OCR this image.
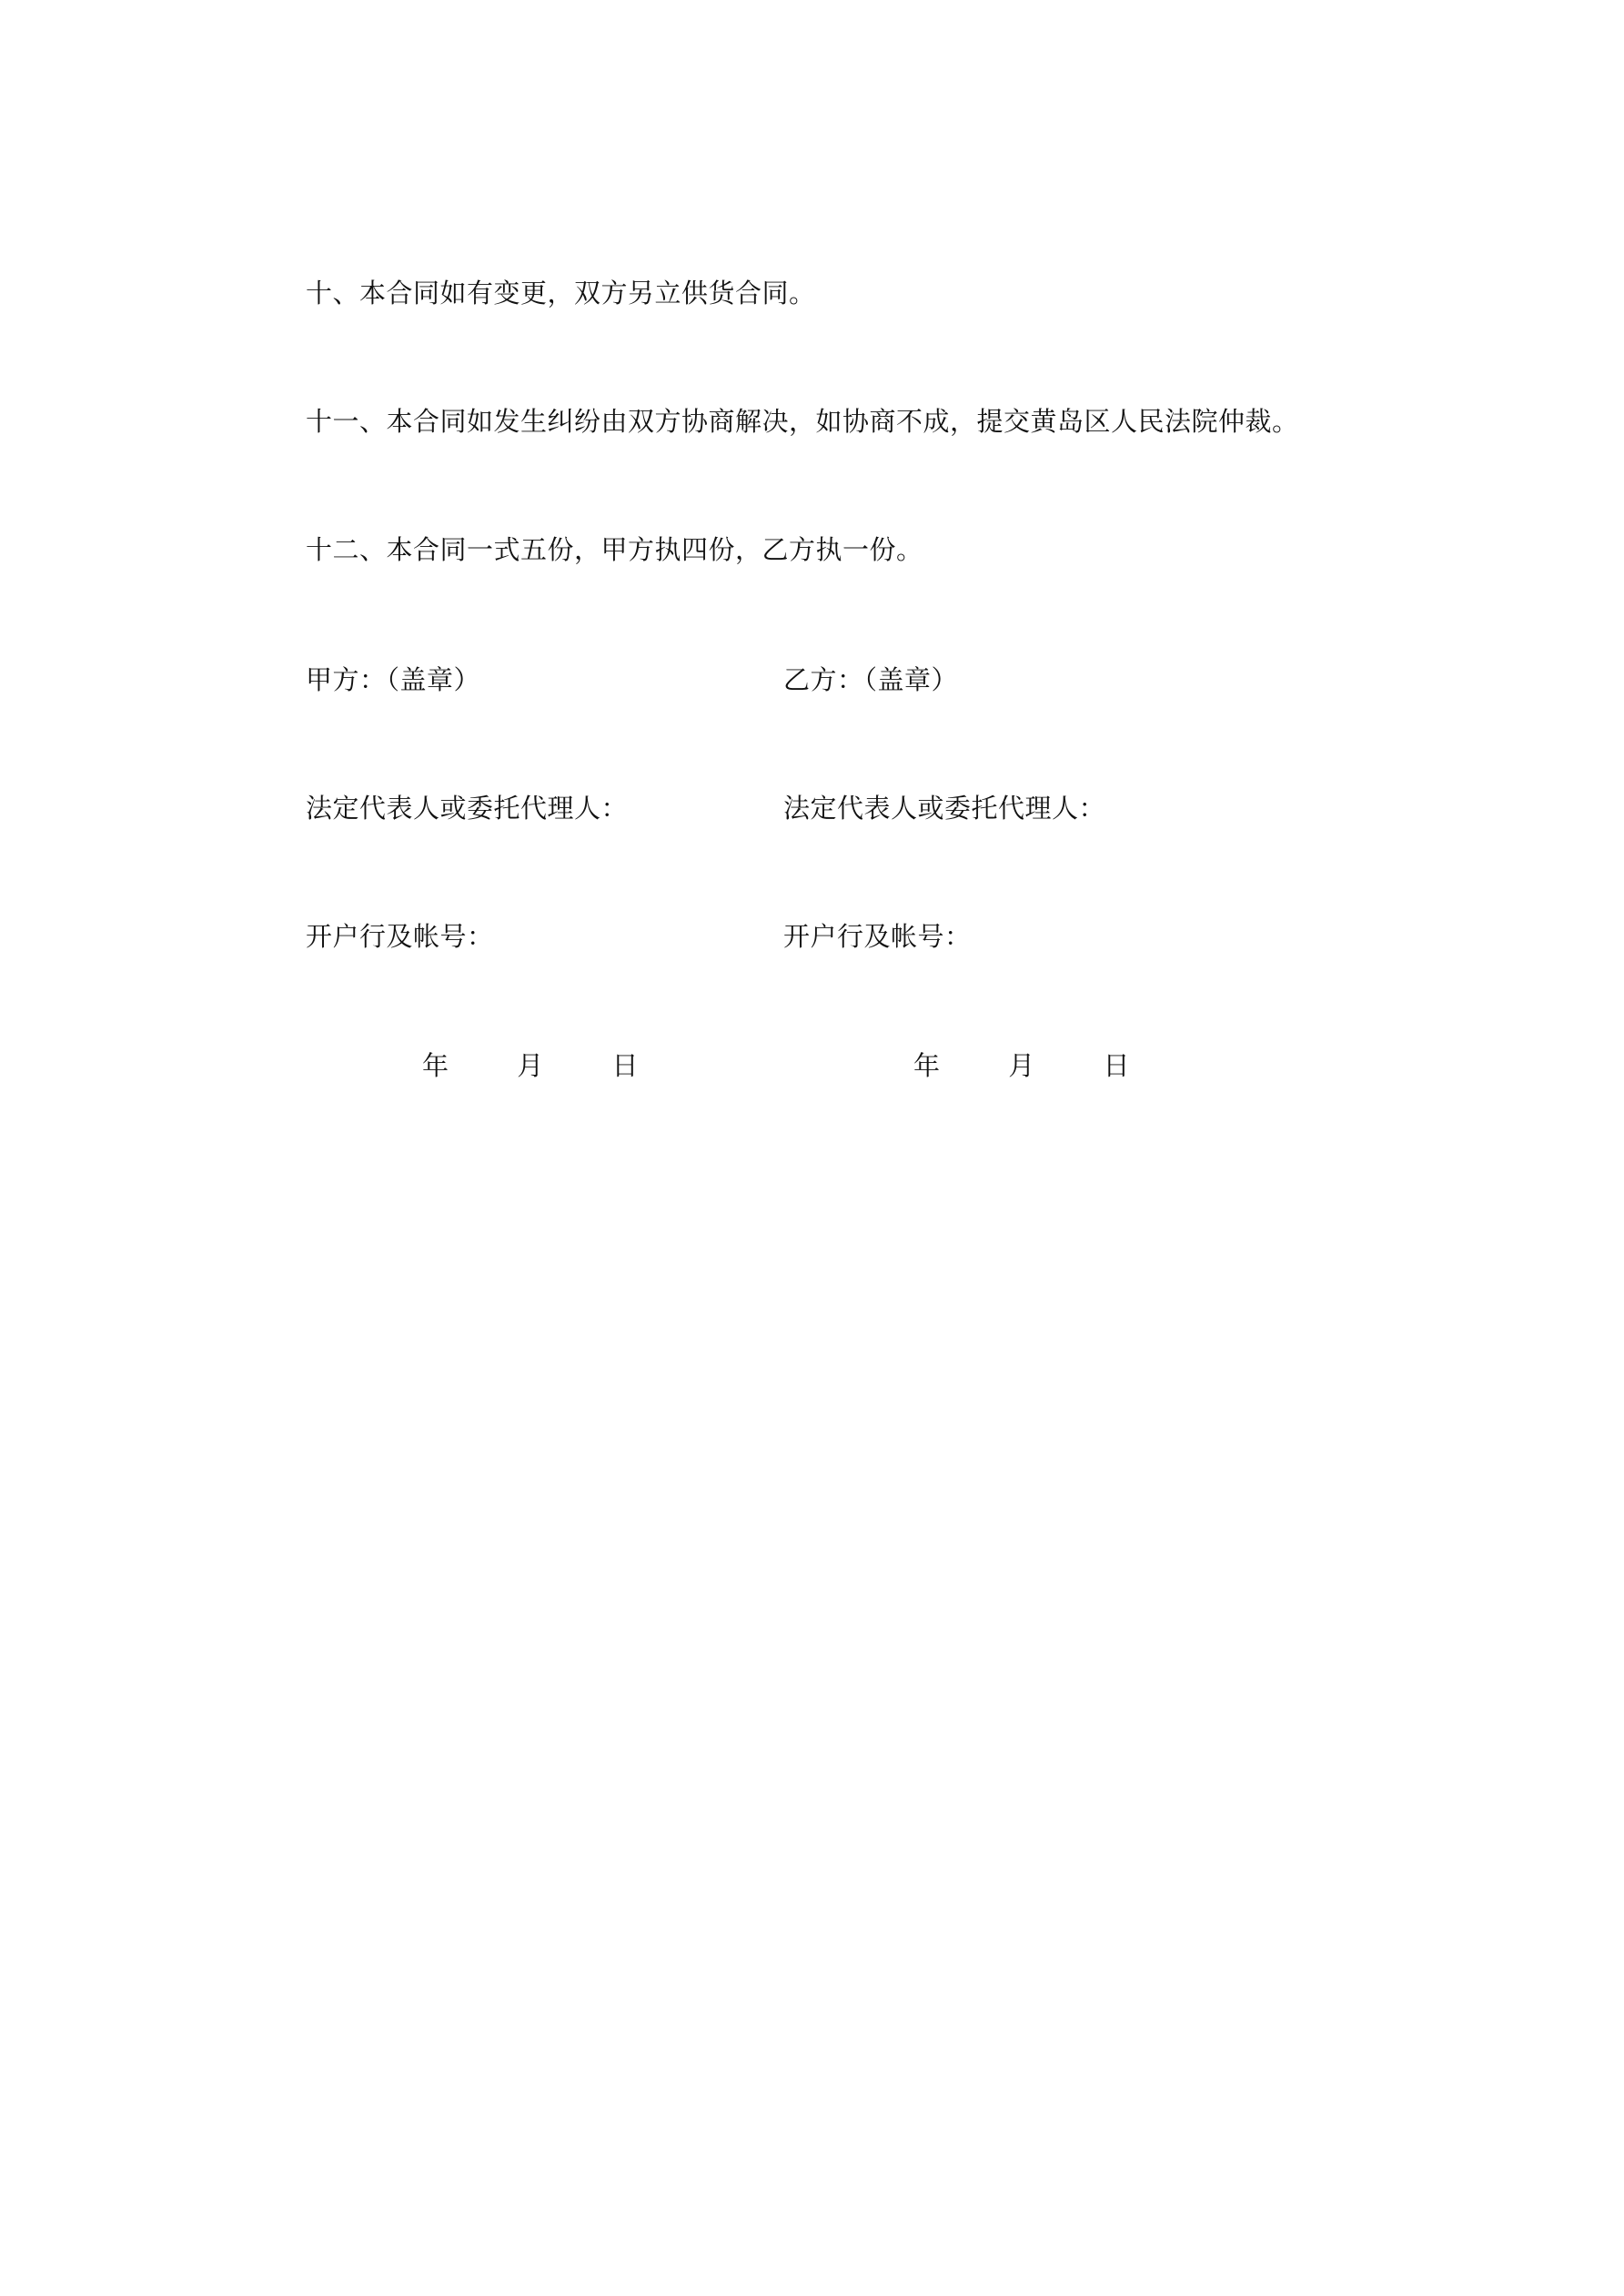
十、本合同如有变更，双方另立供货合同。
十一、本合同如发生纠纷由双方协商解决，如协商不成，提交黄岛区人民法院仲裁。
十二、本合同一式五份，甲方执四份，乙方执一份。
甲方：（盖章）	乙方：（盖章）
法定代表人或委托代理人：	法定代表人或委托代理人：
开户行及帐号：	开户行及帐号：
年	月	日	年	月	日
